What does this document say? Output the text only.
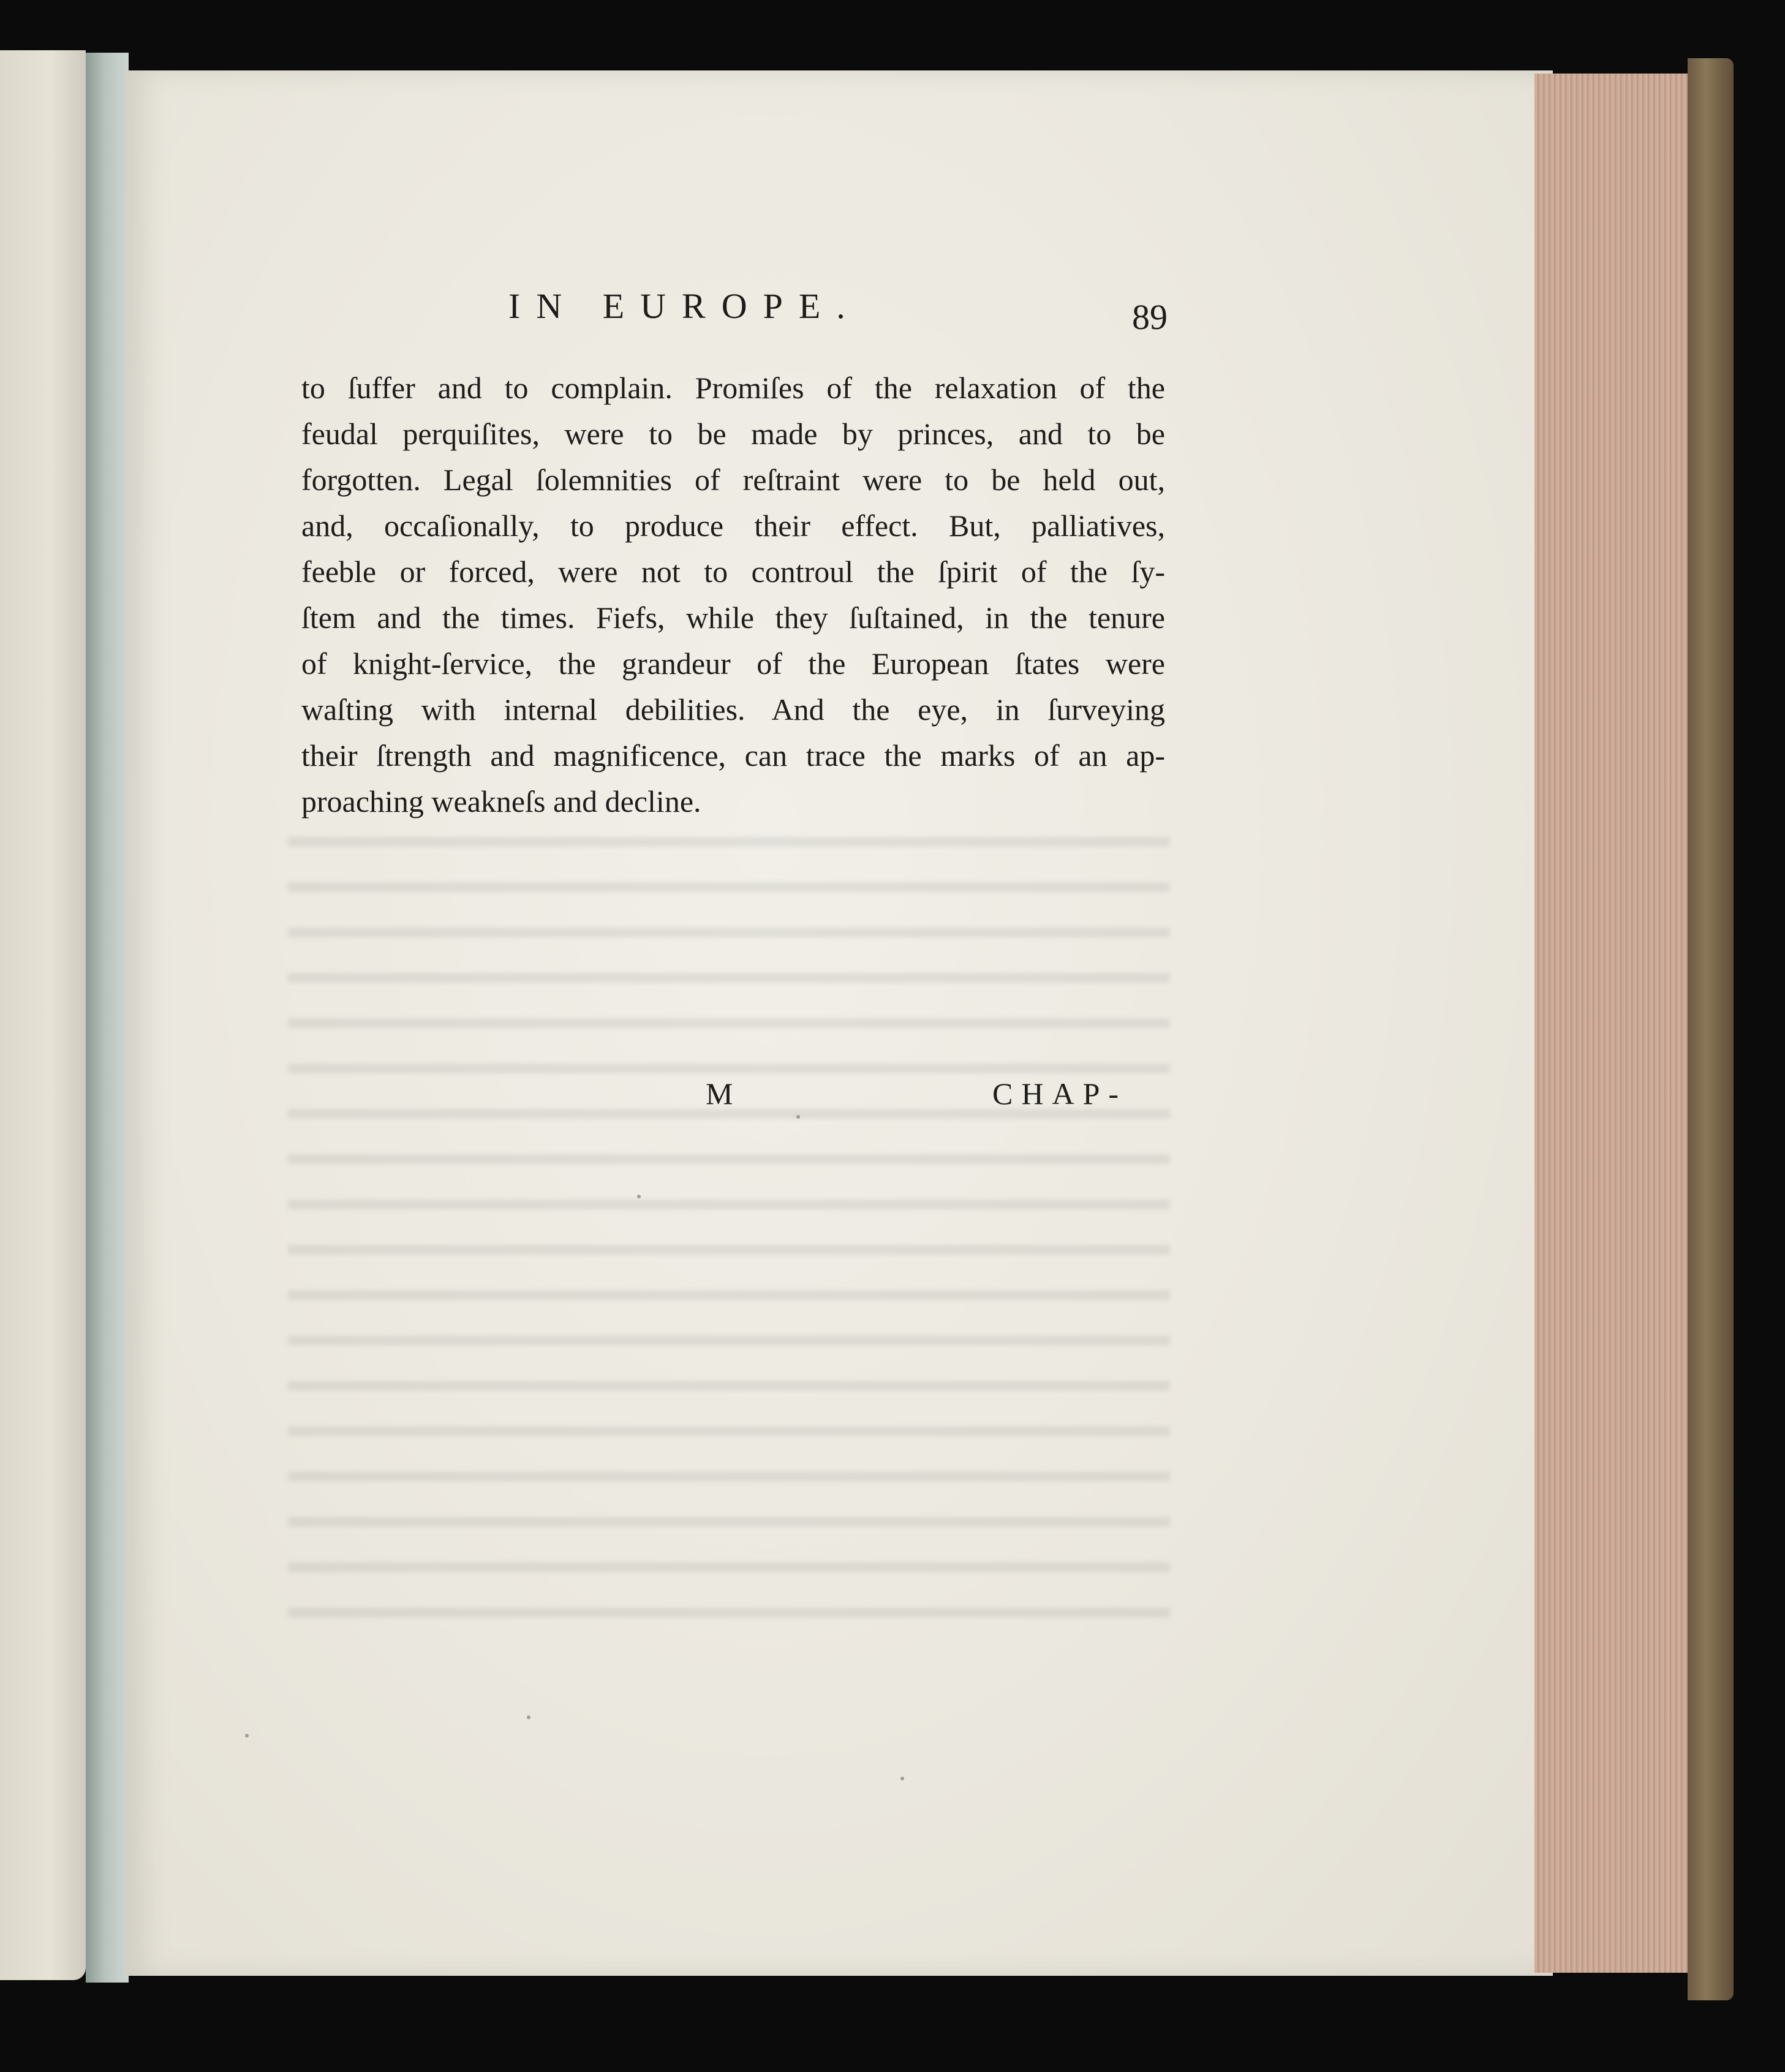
IN EUROPE.	89
to ſuffer and to complain. Promiſes of the relaxation of the
feudal perquiſites, were to be made by princes, and to be
forgotten. Legal ſolemnities of reſtraint were to be held out,
and, occaſionally, to produce their effect. But, palliatives,
feeble or forced, were not to controul the ſpirit of the ſy-
ſtem and the times. Fiefs, while they ſuſtained, in the tenure
of knight-ſervice, the grandeur of the European ſtates were
waſting with internal debilities. And the eye, in ſurveying
their ſtrength and magnificence, can trace the marks of an ap-
proaching weakneſs and decline.
M	CHAP-
